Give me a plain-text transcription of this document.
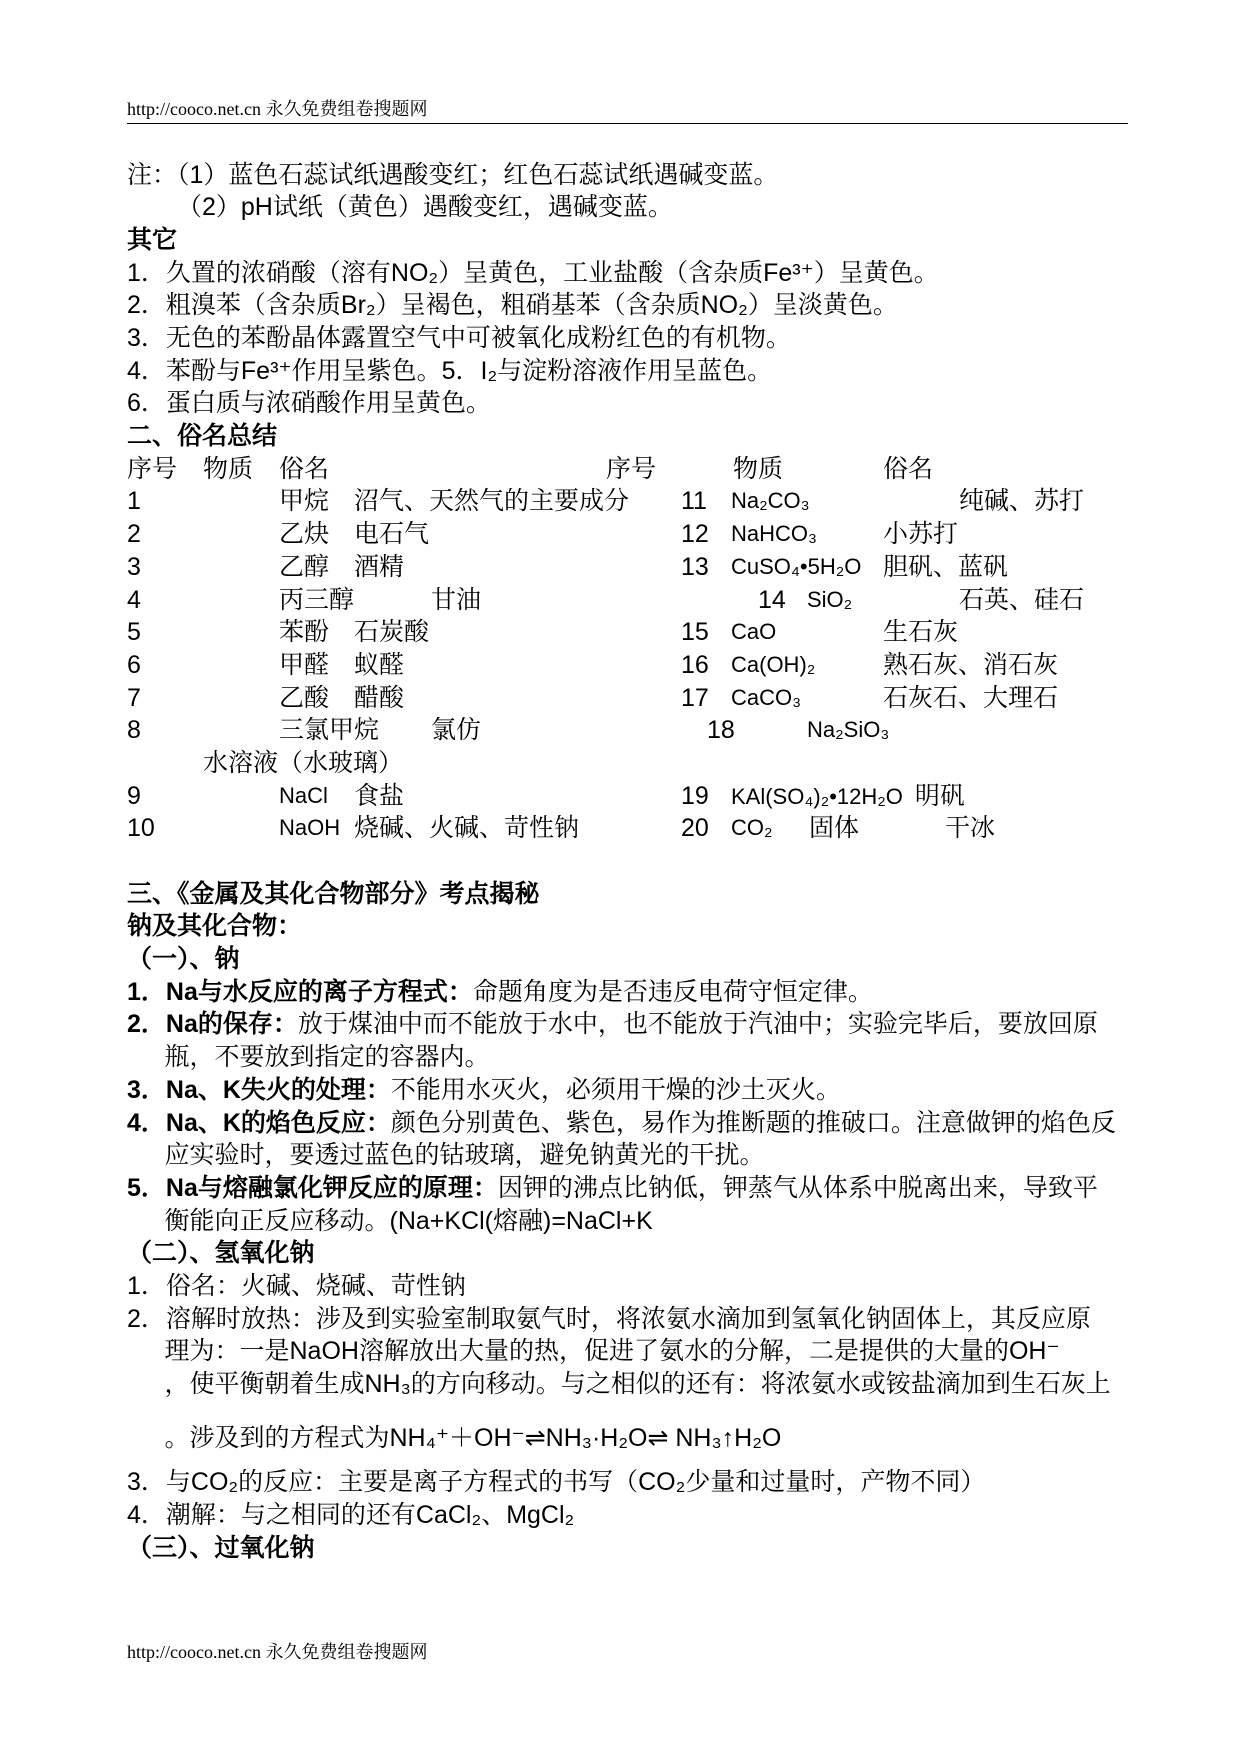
http://cooco.net.cn 永久免费组卷搜题网
注：（1）蓝色石蕊试纸遇酸变红；红色石蕊试纸遇碱变蓝。
（2）pH试纸（黄色）遇酸变红，遇碱变蓝。
其它
1．久置的浓硝酸（溶有NO₂）呈黄色，工业盐酸（含杂质Fe³⁺）呈黄色。
2．粗溴苯（含杂质Br₂）呈褐色，粗硝基苯（含杂质NO₂）呈淡黄色。
3．无色的苯酚晶体露置空气中可被氧化成粉红色的有机物。
4．苯酚与Fe³⁺作用呈紫色。5．I₂与淀粉溶液作用呈蓝色。
6．蛋白质与浓硝酸作用呈黄色。
二、俗名总结
序号 物质 俗名	序号	物质	俗名
1	甲烷 沼气、天然气的主要成分 11 Na₂CO₃	纯碱、苏打
2	乙炔 电石气	12 NaHCO₃	小苏打
3	乙醇 酒精	13 CuSO₄•5H₂O 胆矾、蓝矾
4	丙三醇	甘油	14 SiO₂	石英、硅石
5	苯酚 石炭酸	15 CaO	生石灰
6	甲醛 蚁醛	16 Ca(OH)₂	熟石灰、消石灰
7	乙酸 醋酸	17 CaCO₃	石灰石、大理石
8	三氯甲烷 氯仿	18	Na₂SiO₃
水溶液（水玻璃）
9	NaCl 食盐	19 KAl(SO₄)₂•12H₂O 明矾
10	NaOH 烧碱、火碱、苛性钠	20 CO₂ 固体	干冰
三、《金属及其化合物部分》考点揭秘
钠及其化合物：
（一）、钠
1．Na与水反应的离子方程式：命题角度为是否违反电荷守恒定律。
2．Na的保存：放于煤油中而不能放于水中，也不能放于汽油中；实验完毕后，要放回原
瓶，不要放到指定的容器内。
3．Na、K失火的处理：不能用水灭火，必须用干燥的沙土灭火。
4．Na、K的焰色反应：颜色分别黄色、紫色，易作为推断题的推破口。注意做钾的焰色反
应实验时，要透过蓝色的钴玻璃，避免钠黄光的干扰。
5．Na与熔融氯化钾反应的原理：因钾的沸点比钠低，钾蒸气从体系中脱离出来，导致平
衡能向正反应移动。(Na+KCl(熔融)=NaCl+K
（二）、氢氧化钠
1．俗名：火碱、烧碱、苛性钠
2．溶解时放热：涉及到实验室制取氨气时，将浓氨水滴加到氢氧化钠固体上，其反应原
理为：一是NaOH溶解放出大量的热，促进了氨水的分解，二是提供的大量的OH⁻
，使平衡朝着生成NH₃的方向移动。与之相似的还有：将浓氨水或铵盐滴加到生石灰上
。涉及到的方程式为NH₄⁺＋OH⁻⇌NH₃·H₂O⇌ NH₃↑H₂O
3．与CO₂的反应：主要是离子方程式的书写（CO₂少量和过量时，产物不同）
4．潮解：与之相同的还有CaCl₂、MgCl₂
（三）、过氧化钠
http://cooco.net.cn 永久免费组卷搜题网
